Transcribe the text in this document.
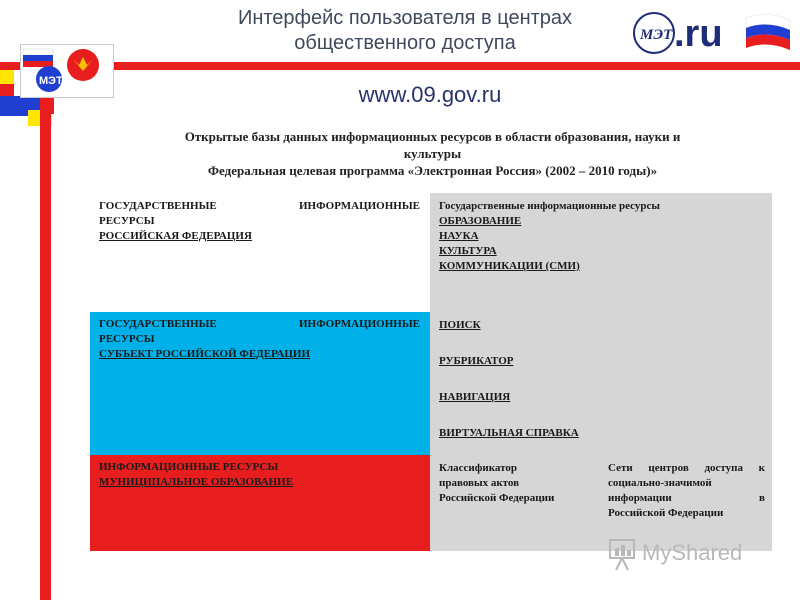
МЭТ
Интерфейс пользователя в центрах
общественного доступа	МЭТ .ru
www.09.gov.ru
Открытые базы данных информационных ресурсов в области образования, науки и
культуры
Федеральная целевая программа «Электронная Россия» (2002 – 2010 годы)»
ГОСУДАРСТВЕННЫЕ	ИНФОРМАЦИОННЫЕ
РЕСУРСЫ
РОССИЙСКАЯ ФЕДЕРАЦИЯ
Государственные информационные ресурсы
ОБРАЗОВАНИЕ
НАУКА
КУЛЬТУРА
КОММУНИКАЦИИ (СМИ)
ГОСУДАРСТВЕННЫЕ	ИНФОРМАЦИОННЫЕ
РЕСУРСЫ
СУБЪЕКТ РОССИЙСКОЙ ФЕДЕРАЦИИ
ПОИСК
РУБРИКАТОР
НАВИГАЦИЯ
ВИРТУАЛЬНАЯ СПРАВКА
ИНФОРМАЦИОННЫЕ РЕСУРСЫ
МУНИЦИПАЛЬНОЕ ОБРАЗОВАНИЕ
Классификатор
правовых актов
Российской Федерации
Сети центров доступа к
социально-значимой
информации	в
Российской Федерации
MyShared
